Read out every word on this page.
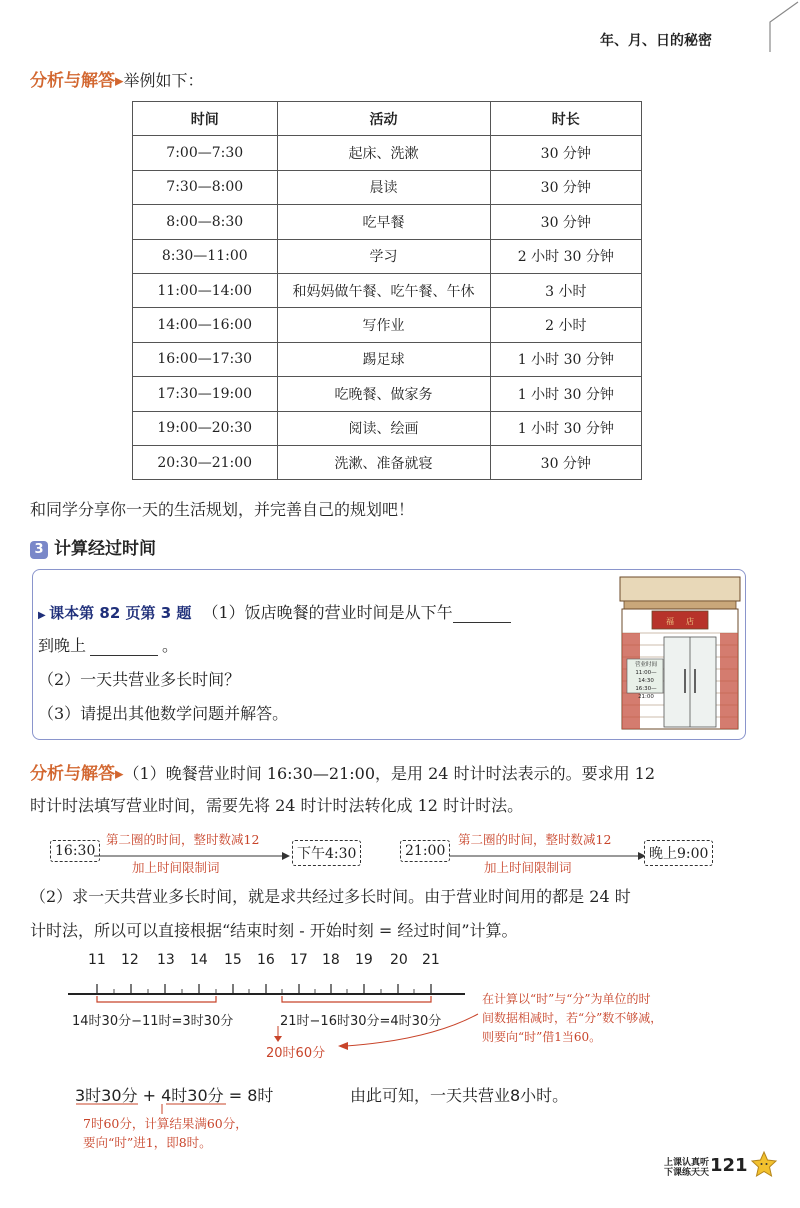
年、月、日的秘密
分析与解答▸举例如下：
时间	活动	时长
7:00—7:30	起床、洗漱	30 分钟
7:30—8:00	晨读	30 分钟
8:00—8:30	吃早餐	30 分钟
8:30—11:00	学习	2 小时 30 分钟
11:00—14:00	和妈妈做午餐、吃午餐、午休	3 小时
14:00—16:00	写作业	2 小时
16:00—17:30	踢足球	1 小时 30 分钟
17:30—19:00	吃晚餐、做家务	1 小时 30 分钟
19:00—20:30	阅读、绘画	1 小时 30 分钟
20:30—21:00	洗漱、准备就寝	30 分钟
和同学分享你一天的生活规划，并完善自己的规划吧！
3 计算经过时间
▶ 课本第 82 页第 3 题 （1）饭店晚餐的营业时间是从下午
到晚上	。
（2）一天共营业多长时间？
（3）请提出其他数学问题并解答。
福 店
营业时间
11:00—14:30
16:30—21:00
分析与解答▸（1）晚餐营业时间 16:30—21:00，是用 24 时计时法表示的。要求用 12
时计时法填写营业时间，需要先将 24 时计时法转化成 12 时计时法。
16:30
第二圈的时间，整时数减12
加上时间限制词
下午4:30	21:00
第二圈的时间，整时数减12
加上时间限制词
晚上9:00
（2）求一天共营业多长时间，就是求共经过多长时间。由于营业时间用的都是 24 时
计时法，所以可以直接根据“结束时刻 - 开始时刻 = 经过时间”计算。
11 12 13 14 15 16 17 18 19 20 21
14时30分−11时=3时30分	21时−16时30分=4时30分
20时60分
在计算以“时”与“分”为单位的时
间数据相减时，若“分”数不够减，
则要向“时”借1当60。
3时30分 + 4时30分 = 8时	由此可知，一天共营业8小时。
7时60分，计算结果满60分，
要向“时”进1，即8时。
上课认真听
下课练天天 121
